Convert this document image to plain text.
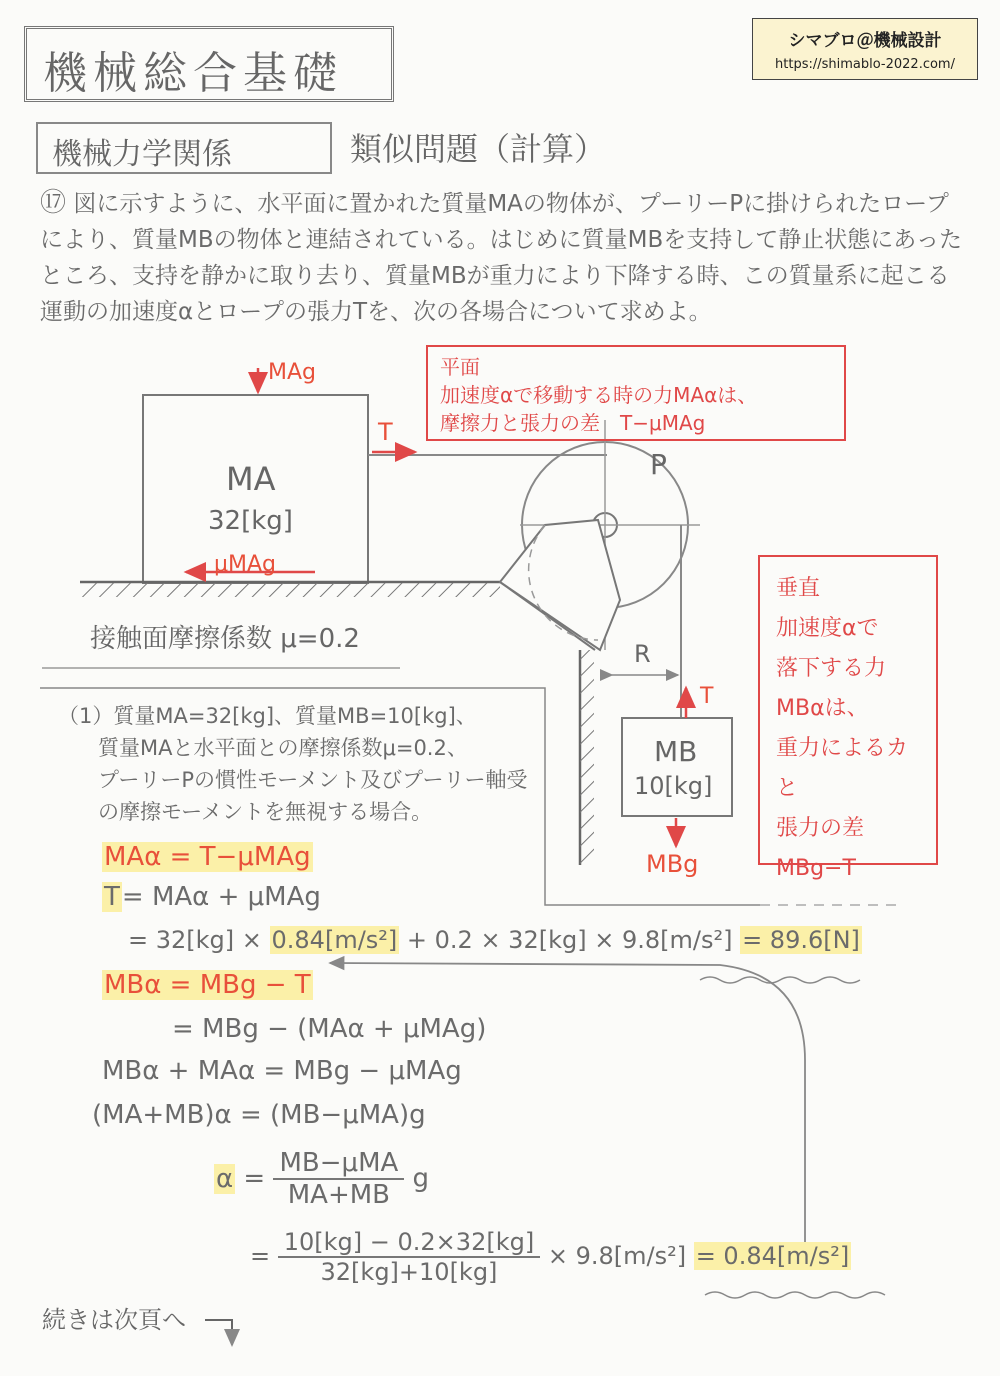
シマブロ＠機械設計
https://shimablo-2022.com/
機械総合基礎
機械力学関係	類似問題（計算）
⑰ 図に示すように、水平面に置かれた質量MAの物体が、プーリーPに掛けられたロープにより、質量MBの物体と連結されている。はじめに質量MBを支持して静止状態にあったところ、支持を静かに取り去り、質量MBが重力により下降する時、この質量系に起こる運動の加速度αとロープの張力Tを、次の各場合について求めよ。
MAg
T
MA
32[kg]
μMAg
P
R
T
MB
10[kg]
MBg
接触面摩擦係数 μ=0.2
平面
加速度αで移動する時の力MAαは、
摩擦力と張力の差　T−μMAg
垂直
加速度αで
落下する力
MBαは、
重力によるカと
張力の差
MBg−T
（1）質量MA=32[kg]、質量MB=10[kg]、
質量MAと水平面との摩擦係数μ=0.2、
プーリーPの慣性モーメント及びプーリー軸受
の摩擦モーメントを無視する場合。
MAα = T−μMAg
T= MAα + μMAg
= 32[kg] × 0.84[m/s²] + 0.2 × 32[kg] × 9.8[m/s²] = 89.6[N]
MBα = MBg − T
= MBg − (MAα + μMAg)
MBα + MAα = MBg − μMAg
(MA+MB)α = (MB−μMA)g
$\alpha = \frac{\text{MB−μMA}}{MA+MB}$ g
= $\frac{10[kg] - 0.2\times 32[kg]}{32[kg]+10[kg]} \times 9.8[m/s^2] = 0.84[m/s^2]$
続きは次頁へ
